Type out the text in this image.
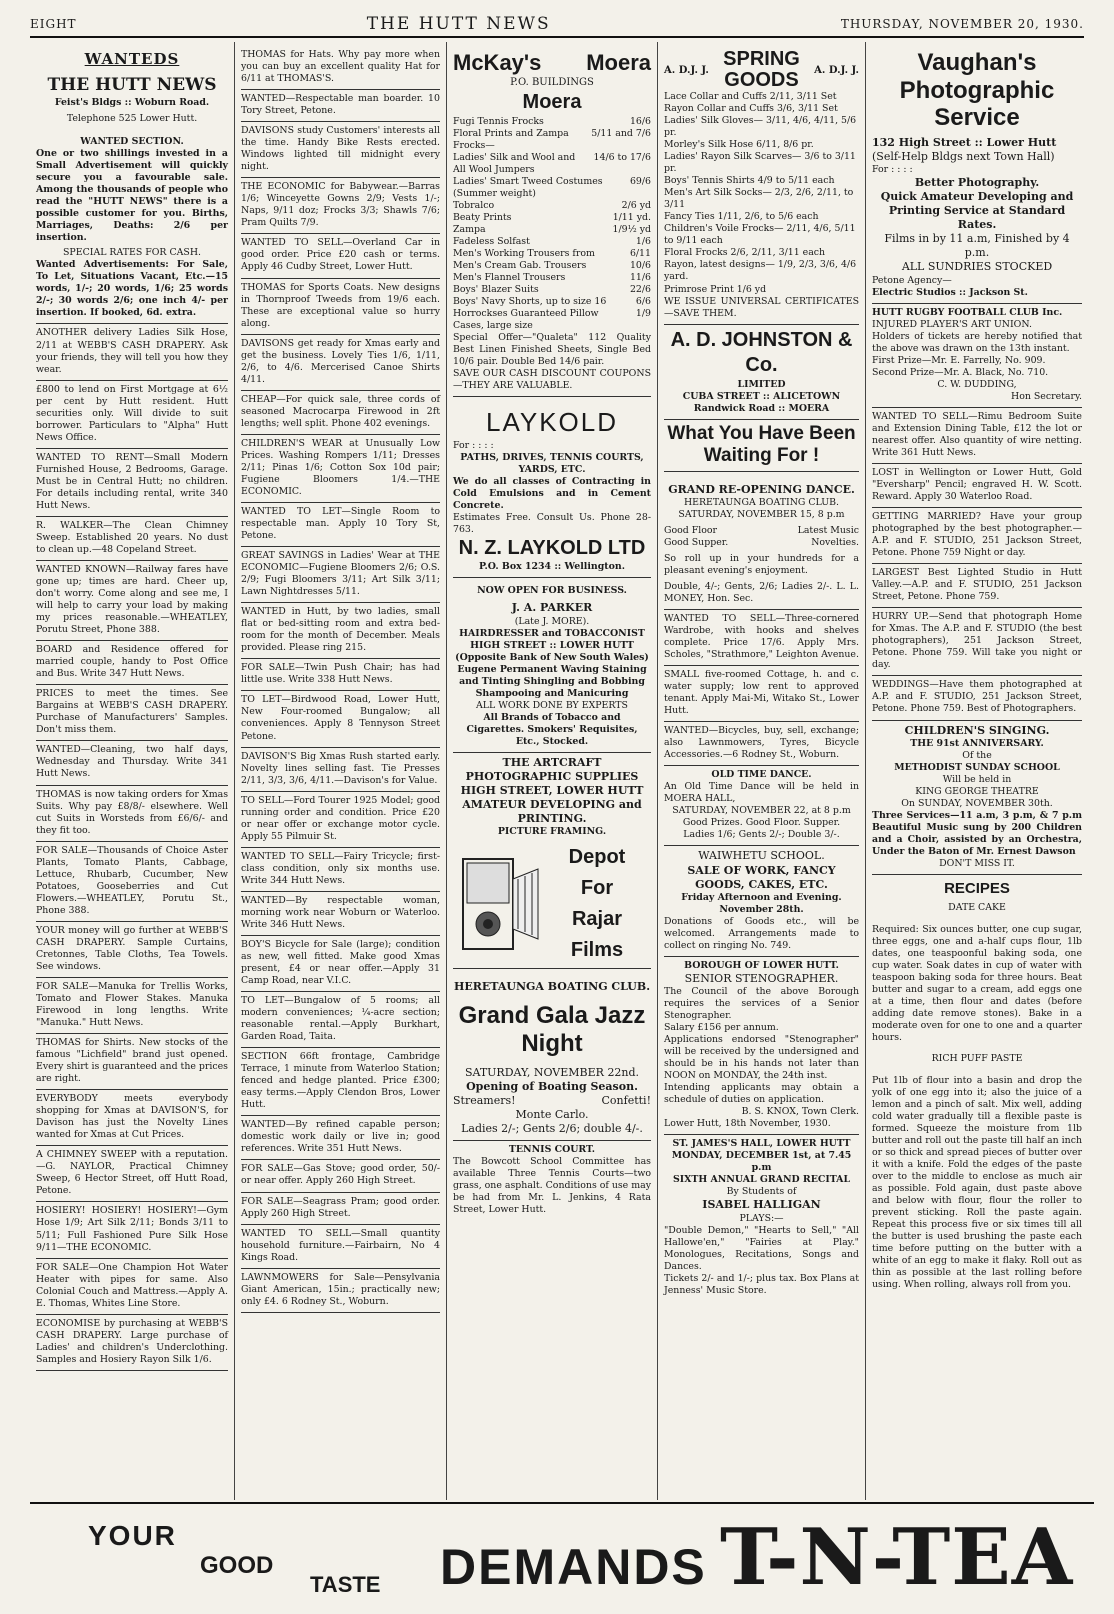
EIGHT	THE HUTT NEWS	THURSDAY, NOVEMBER 20, 1930.
WANTEDS
THE HUTT NEWS
Feist's Bldgs :: Woburn Road.
Telephone 525 Lower Hutt.
WANTED SECTION.

One or two shillings invested in a Small Advertisement will quickly secure you a favourable sale. Among the thousands of people who read the "HUTT NEWS" there is a possible customer for you. Births, Marriages, Deaths: 2/6 per insertion.

SPECIAL RATES FOR CASH.

Wanted Advertisements: For Sale, To Let, Situations Vacant, Etc.—15 words, 1/-; 20 words, 1/6; 25 words 2/-; 30 words 2/6; one inch 4/- per insertion. If booked, 6d. extra.

ANOTHER delivery Ladies Silk Hose, 2/11 at WEBB'S CASH DRAPERY. Ask your friends, they will tell you how they wear.

£800 to lend on First Mortgage at 6½ per cent by Hutt resident. Hutt securities only. Will divide to suit borrower. Particulars to "Alpha" Hutt News Office.

WANTED TO RENT—Small Modern Furnished House, 2 Bedrooms, Garage. Must be in Central Hutt; no children. For details including rental, write 340 Hutt News.

R. WALKER—The Clean Chimney Sweep. Established 20 years. No dust to clean up.—48 Copeland Street.

WANTED KNOWN—Railway fares have gone up; times are hard. Cheer up, don't worry. Come along and see me, I will help to carry your load by making my prices reasonable.—WHEATLEY, Porutu Street, Phone 388.

BOARD and Residence offered for married couple, handy to Post Office and Bus. Write 347 Hutt News.

PRICES to meet the times. See Bargains at WEBB'S CASH DRAPERY. Purchase of Manufacturers' Samples. Don't miss them.

WANTED—Cleaning, two half days, Wednesday and Thursday. Write 341 Hutt News.

THOMAS is now taking orders for Xmas Suits. Why pay £8/8/- elsewhere. Well cut Suits in Worsteds from £6/6/- and they fit too.

FOR SALE—Thousands of Choice Aster Plants, Tomato Plants, Cabbage, Lettuce, Rhubarb, Cucumber, New Potatoes, Gooseberries and Cut Flowers.—WHEATLEY, Porutu St., Phone 388.

YOUR money will go further at WEBB'S CASH DRAPERY. Sample Curtains, Cretonnes, Table Cloths, Tea Towels. See windows.

FOR SALE—Manuka for Trellis Works, Tomato and Flower Stakes. Manuka Firewood in long lengths. Write "Manuka." Hutt News.

THOMAS for Shirts. New stocks of the famous "Lichfield" brand just opened. Every shirt is guaranteed and the prices are right.

EVERYBODY meets everybody shopping for Xmas at DAVISON'S, for Davison has just the Novelty Lines wanted for Xmas at Cut Prices.

A CHIMNEY SWEEP with a reputation.—G. NAYLOR, Practical Chimney Sweep, 6 Hector Street, off Hutt Road, Petone.

HOSIERY! HOSIERY! HOSIERY!—Gym Hose 1/9; Art Silk 2/11; Bonds 3/11 to 5/11; Full Fashioned Pure Silk Hose 9/11—THE ECONOMIC.

FOR SALE—One Champion Hot Water Heater with pipes for same. Also Colonial Couch and Mattress.—Apply A. E. Thomas, Whites Line Store.

ECONOMISE by purchasing at WEBB'S CASH DRAPERY. Large purchase of Ladies' and children's Underclothing. Samples and Hosiery Rayon Silk 1/6.

THOMAS for Hats. Why pay more when you can buy an excellent quality Hat for 6/11 at THOMAS'S.

WANTED—Respectable man boarder. 10 Tory Street, Petone.

DAVISONS study Customers' interests all the time. Handy Bike Rests erected. Windows lighted till midnight every night.

THE ECONOMIC for Babywear.—Barras 1/6; Winceyette Gowns 2/9; Vests 1/-; Naps, 9/11 doz; Frocks 3/3; Shawls 7/6; Pram Quilts 7/9.

WANTED TO SELL—Overland Car in good order. Price £20 cash or terms. Apply 46 Cudby Street, Lower Hutt.

THOMAS for Sports Coats. New designs in Thornproof Tweeds from 19/6 each. These are exceptional value so hurry along.

DAVISONS get ready for Xmas early and get the business. Lovely Ties 1/6, 1/11, 2/6, to 4/6. Mercerised Canoe Shirts 4/11.

CHEAP—For quick sale, three cords of seasoned Macrocarpa Firewood in 2ft lengths; well split. Phone 402 evenings.

CHILDREN'S WEAR at Unusually Low Prices. Washing Rompers 1/11; Dresses 2/11; Pinas 1/6; Cotton Sox 10d pair; Fugiene Bloomers 1/4.—THE ECONOMIC.

WANTED TO LET—Single Room to respectable man. Apply 10 Tory St, Petone.

GREAT SAVINGS in Ladies' Wear at THE ECONOMIC—Fugiene Bloomers 2/6; O.S. 2/9; Fugi Bloomers 3/11; Art Silk 3/11; Lawn Nightdresses 5/11.

WANTED in Hutt, by two ladies, small flat or bed-sitting room and extra bed-room for the month of December. Meals provided. Please ring 215.

FOR SALE—Twin Push Chair; has had little use. Write 338 Hutt News.

TO LET—Birdwood Road, Lower Hutt, New Four-roomed Bungalow; all conveniences. Apply 8 Tennyson Street Petone.

DAVISON'S Big Xmas Rush started early. Novelty lines selling fast. Tie Presses 2/11, 3/3, 3/6, 4/11.—Davison's for Value.

TO SELL—Ford Tourer 1925 Model; good running order and condition. Price £20 or near offer or exchange motor cycle. Apply 55 Pilmuir St.

WANTED TO SELL—Fairy Tricycle; first-class condition, only six months use. Write 344 Hutt News.

WANTED—By respectable woman, morning work near Woburn or Waterloo. Write 346 Hutt News.

BOY'S Bicycle for Sale (large); condition as new, well fitted. Make good Xmas present, £4 or near offer.—Apply 31 Camp Road, near V.I.C.

TO LET—Bungalow of 5 rooms; all modern conveniences; ¼-acre section; reasonable rental.—Apply Burkhart, Garden Road, Taita.

SECTION 66ft frontage, Cambridge Terrace, 1 minute from Waterloo Station; fenced and hedge planted. Price £300; easy terms.—Apply Clendon Bros, Lower Hutt.

WANTED—By refined capable person; domestic work daily or live in; good references. Write 351 Hutt News.

FOR SALE—Gas Stove; good order, 50/- or near offer. Apply 260 High Street.

FOR SALE—Seagrass Pram; good order. Apply 260 High Street.

WANTED TO SELL—Small quantity household furniture.—Fairbairn, No 4 Kings Road.

LAWNMOWERS for Sale—Pensylvania Giant American, 15in.; practically new; only £4. 6 Rodney St., Woburn.

McKay's Moera
P.O. BUILDINGS
Moera
Fugi Tennis Frocks	16/6
Floral Prints and Zampa Frocks—
5/11 and 7/6
Ladies' Silk and Wool and All Wool Jumpers
14/6 to 17/6
Ladies' Smart Tweed Costumes (Summer weight)
69/6
Tobralco	2/6 yd
Beaty Prints	1/11 yd.
Zampa	1/9½ yd
Fadeless Solfast	1/6
Men's Working Trousers from	6/11
Men's Cream Gab. Trousers	10/6
Men's Flannel Trousers	11/6
Boys' Blazer Suits	22/6
Boys' Navy Shorts, up to size 16	6/6
Horrockses Guaranteed Pillow Cases, large size
1/9

Special Offer—"Qualeta" 112 Quality Best Linen Finished Sheets, Single Bed 10/6 pair. Double Bed 14/6 pair.

SAVE OUR CASH DISCOUNT COUPONS—THEY ARE VALUABLE.

LAYKOLD
For : : : :
PATHS, DRIVES, TENNIS COURTS, YARDS, ETC.

We do all classes of Contracting in Cold Emulsions and in Cement Concrete.

Estimates Free. Consult Us. Phone 28-763.

N. Z. LAYKOLD LTD
P.O. Box 1234 :: Wellington.
NOW OPEN FOR BUSINESS.
J. A. PARKER
(Late J. MORE).
HAIRDRESSER and TOBACCONIST HIGH STREET :: LOWER HUTT
(Opposite Bank of New South Wales)
Eugene Permanent Waving Staining and Tinting Shingling and Bobbing Shampooing and Manicuring
ALL WORK DONE BY EXPERTS
All Brands of Tobacco and Cigarettes. Smokers' Requisites, Etc., Stocked.
THE ARTCRAFT PHOTOGRAPHIC SUPPLIES
HIGH STREET, LOWER HUTT
AMATEUR DEVELOPING and PRINTING.
PICTURE FRAMING.
Depot
For
Rajar
Films
HERETAUNGA BOATING CLUB.
Grand Gala Jazz Night
SATURDAY, NOVEMBER 22nd.
Opening of Boating Season.
Streamers!	Confetti!
Monte Carlo.
Ladies 2/-; Gents 2/6; double 4/-.
TENNIS COURT.

The Bowcott School Committee has available Three Tennis Courts—two grass, one asphalt. Conditions of use may be had from Mr. L. Jenkins, 4 Rata Street, Lower Hutt.

A. D.J. J. SPRING
GOODS A. D.J. J.
Lace Collar and Cuffs 2/11, 3/11 Set
Rayon Collar and Cuffs 3/6, 3/11 Set
Ladies' Silk Gloves— 3/11, 4/6, 4/11, 5/6 pr.
Morley's Silk Hose 6/11, 8/6 pr.
Ladies' Rayon Silk Scarves— 3/6 to 3/11 pr.
Boys' Tennis Shirts 4/9 to 5/11 each
Men's Art Silk Socks— 2/3, 2/6, 2/11, to 3/11
Fancy Ties 1/11, 2/6, to 5/6 each
Children's Voile Frocks— 2/11, 4/6, 5/11 to 9/11 each
Floral Frocks 2/6, 2/11, 3/11 each
Rayon, latest designs— 1/9, 2/3, 3/6, 4/6 yard.
Primrose Print 1/6 yd

WE ISSUE UNIVERSAL CERTIFICATES—SAVE THEM.

A. D. JOHNSTON & Co.
LIMITED
CUBA STREET :: ALICETOWN
Randwick Road :: MOERA
What You Have Been
Waiting For !
GRAND RE-OPENING DANCE.
HERETAUNGA BOATING CLUB.
SATURDAY, NOVEMBER 15, 8 p.m
Good Floor	Latest Music
Good Supper.	Novelties.

So roll up in your hundreds for a pleasant evening's enjoyment.

Double, 4/-; Gents, 2/6; Ladies 2/-. L. L. MONEY, Hon. Sec.

WANTED TO SELL—Three-cornered Wardrobe, with hooks and shelves complete. Price 17/6. Apply Mrs. Scholes, "Strathmore," Leighton Avenue.

SMALL five-roomed Cottage, h. and c. water supply; low rent to approved tenant. Apply Mai-Mi, Witako St., Lower Hutt.

WANTED—Bicycles, buy, sell, exchange; also Lawnmowers, Tyres, Bicycle Accessories.—6 Rodney St., Woburn.

OLD TIME DANCE.

An Old Time Dance will be held in MOERA HALL,

SATURDAY, NOVEMBER 22, at 8 p.m
Good Prizes. Good Floor. Supper.
Ladies 1/6; Gents 2/-; Double 3/-.
WAIWHETU SCHOOL.
SALE OF WORK, FANCY GOODS, CAKES, ETC.
Friday Afternoon and Evening. November 28th.

Donations of Goods etc., will be welcomed. Arrangements made to collect on ringing No. 749.

BOROUGH OF LOWER HUTT.
SENIOR STENOGRAPHER.

The Council of the above Borough requires the services of a Senior Stenographer.

Salary £156 per annum.

Applications endorsed "Stenographer" will be received by the undersigned and should be in his hands not later than NOON on MONDAY, the 24th inst.

Intending applicants may obtain a schedule of duties on application.

B. S. KNOX, Town Clerk.
Lower Hutt, 18th November, 1930.
ST. JAMES'S HALL, LOWER HUTT
MONDAY, DECEMBER 1st, at 7.45 p.m
SIXTH ANNUAL GRAND RECITAL
By Students of
ISABEL HALLIGAN
PLAYS:—

"Double Demon," "Hearts to Sell," "All Hallowe'en," "Fairies at Play." Monologues, Recitations, Songs and Dances.

Tickets 2/- and 1/-; plus tax. Box Plans at Jenness' Music Store.

Vaughan's Photographic Service
132 High Street :: Lower Hutt
(Self-Help Bldgs next Town Hall)
For : : : :
Better Photography.
Quick Amateur Developing and Printing Service at Standard Rates.
Films in by 11 a.m, Finished by 4 p.m.
ALL SUNDRIES STOCKED
Petone Agency—
Electric Studios :: Jackson St.
HUTT RUGBY FOOTBALL CLUB Inc.
INJURED PLAYER'S ART UNION.

Holders of tickets are hereby notified that the above was drawn on the 13th instant.

First Prize—Mr. E. Farrelly, No. 909.
Second Prize—Mr. A. Black, No. 710.
C. W. DUDDING,
Hon Secretary.

WANTED TO SELL—Rimu Bedroom Suite and Extension Dining Table, £12 the lot or nearest offer. Also quantity of wire netting. Write 361 Hutt News.

LOST in Wellington or Lower Hutt, Gold "Eversharp" Pencil; engraved H. W. Scott. Reward. Apply 30 Waterloo Road.

GETTING MARRIED? Have your group photographed by the best photographer.—A.P. and F. STUDIO, 251 Jackson Street, Petone. Phone 759 Night or day.

LARGEST Best Lighted Studio in Hutt Valley.—A.P. and F. STUDIO, 251 Jackson Street, Petone. Phone 759.

HURRY UP.—Send that photograph Home for Xmas. The A.P. and F. STUDIO (the best photographers), 251 Jackson Street, Petone. Phone 759. Will take you night or day.

WEDDINGS—Have them photographed at A.P. and F. STUDIO, 251 Jackson Street, Petone. Phone 759. Best of Photographers.

CHILDREN'S SINGING.
THE 91st ANNIVERSARY.
Of the
METHODIST SUNDAY SCHOOL
Will be held in
KING GEORGE THEATRE
On SUNDAY, NOVEMBER 30th.

Three Services—11 a.m, 3 p.m, & 7 p.m Beautiful Music sung by 200 Children and a Choir, assisted by an Orchestra, Under the Baton of Mr. Ernest Dawson

DON'T MISS IT.
RECIPES
DATE CAKE

Required: Six ounces butter, one cup sugar, three eggs, one and a-half cups flour, 1lb dates, one teaspoonful baking soda, one cup water. Soak dates in cup of water with teaspoon baking soda for three hours. Beat butter and sugar to a cream, add eggs one at a time, then flour and dates (before adding date remove stones). Bake in a moderate oven for one to one and a quarter hours.

RICH PUFF PASTE

Put 1lb of flour into a basin and drop the yolk of one egg into it; also the juice of a lemon and a pinch of salt. Mix well, adding cold water gradually till a flexible paste is formed. Squeeze the moisture from 1lb butter and roll out the paste till half an inch or so thick and spread pieces of butter over it with a knife. Fold the edges of the paste over to the middle to enclose as much air as possible. Fold again, dust paste above and below with flour, flour the roller to prevent sticking. Roll the paste again. Repeat this process five or six times till all the butter is used brushing the paste each time before putting on the butter with a white of an egg to make it flaky. Roll out as thin as possible at the last rolling before using. When rolling, always roll from you.

YOUR
GOOD
TASTE DEMANDS T-N-TEA
